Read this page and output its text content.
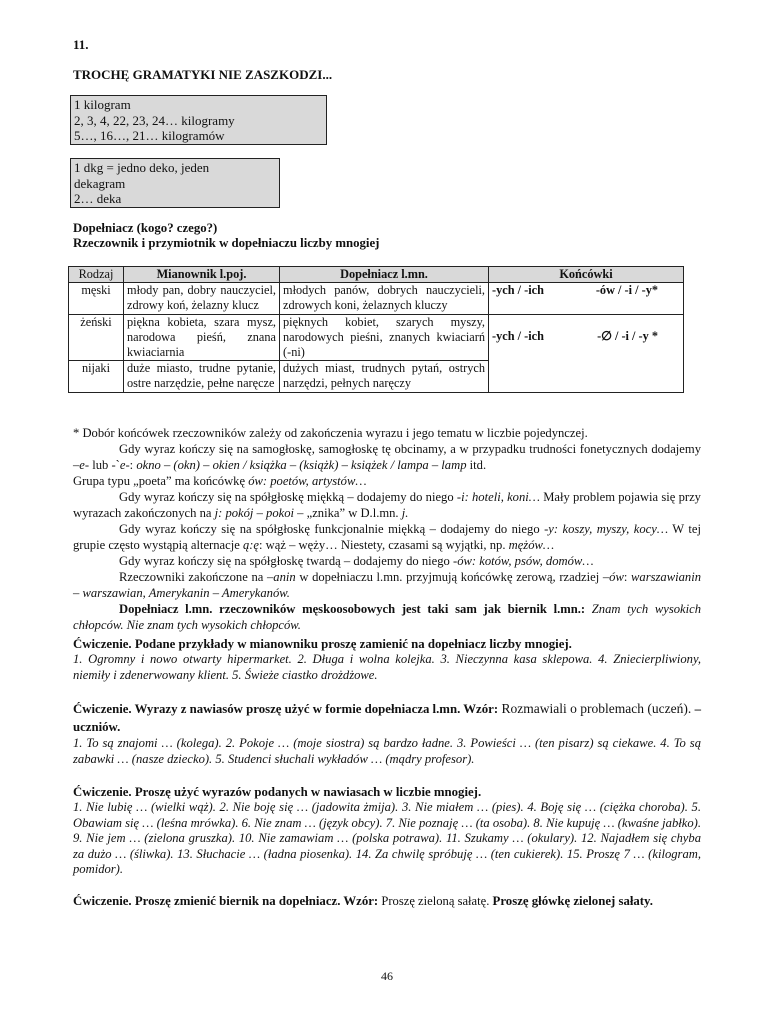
11.
TROCHĘ GRAMATYKI NIE ZASZKODZI...
1 kilogram
2, 3, 4, 22, 23, 24… kilogramy
5…, 16…, 21… kilogramów
1 dkg = jedno deko, jeden
dekagram
2… deka
Dopełniacz (kogo? czego?)
Rzeczownik i przymiotnik w dopełniaczu liczby mnogiej
Rodzaj	Mianownik l.poj.	Dopełniacz l.mn.	Końcówki
męski	młody pan, dobry nauczyciel, zdrowy koń, żelazny klucz	młodych panów, dobrych nauczycieli, zdrowych koni, żelaznych kluczy	-ych / -ich -ów / -i / -y*

żeński	piękna kobieta, szara mysz, narodowa pieśń, znana kwiaciarnia	pięknych kobiet, szarych myszy, narodowych pieśni, znanych kwiaciarń (-ni)	-ych / -ich -∅ / -i / -y *

nijaki	duże miasto, trudne pytanie, ostre narzędzie, pełne naręcze	dużych miast, trudnych pytań, ostrych narzędzi, pełnych naręczy	
* Dobór końcówek rzeczowników zależy od zakończenia wyrazu i jego tematu w liczbie pojedynczej.
Gdy wyraz kończy się na samogłoskę, samogłoskę tę obcinamy, a w przypadku trudności fonetycznych dodajemy –e- lub -`e-: okno – (okn) – okien / książka – (książk) – książek / lampa – lamp itd.
Grupa typu „poeta” ma końcówkę ów: poetów, artystów…
Gdy wyraz kończy się na spółgłoskę miękką – dodajemy do niego -i: hoteli, koni… Mały problem pojawia się przy wyrazach zakończonych na j: pokój – pokoi – „znika” w D.l.mn. j.
Gdy wyraz kończy się na spółgłoskę funkcjonalnie miękką – dodajemy do niego -y: koszy, myszy, kocy… W tej grupie często wystąpią alternacje ą:ę: wąż – węży… Niestety, czasami są wyjątki, np. mężów…
Gdy wyraz kończy się na spółgłoskę twardą – dodajemy do niego -ów: kotów, psów, domów…
Rzeczowniki zakończone na –anin w dopełniaczu l.mn. przyjmują końcówkę zerową, rzadziej –ów: warszawianin – warszawian, Amerykanin – Amerykanów.
Dopełniacz l.mn. rzeczowników męskoosobowych jest taki sam jak biernik l.mn.: Znam tych wysokich chłopców. Nie znam tych wysokich chłopców.
Ćwiczenie. Podane przykłady w mianowniku proszę zamienić na dopełniacz liczby mnogiej.
1. Ogromny i nowo otwarty hipermarket. 2. Długa i wolna kolejka. 3. Nieczynna kasa sklepowa. 4. Zniecierpliwiony, niemiły i zdenerwowany klient. 5. Świeże ciastko drożdżowe.
Ćwiczenie. Wyrazy z nawiasów proszę użyć w formie dopełniacza l.mn. Wzór: Rozmawiali o problemach (uczeń). – uczniów.
1. To są znajomi … (kolega). 2. Pokoje … (moje siostra) są bardzo ładne. 3. Powieści … (ten pisarz) są ciekawe. 4. To są zabawki … (nasze dziecko). 5. Studenci słuchali wykładów … (mądry profesor).
Ćwiczenie. Proszę użyć wyrazów podanych w nawiasach w liczbie mnogiej.
1. Nie lubię … (wielki wąż). 2. Nie boję się … (jadowita żmija). 3. Nie miałem … (pies). 4. Boję się … (ciężka choroba). 5. Obawiam się … (leśna mrówka). 6. Nie znam … (język obcy). 7. Nie poznaję … (ta osoba). 8. Nie kupuję … (kwaśne jabłko). 9. Nie jem … (zielona gruszka). 10. Nie zamawiam … (polska potrawa). 11. Szukamy … (okulary). 12. Najadłem się chyba za dużo … (śliwka). 13. Słuchacie … (ładna piosenka). 14. Za chwilę spróbuję … (ten cukierek). 15. Proszę 7 … (kilogram, pomidor).
Ćwiczenie. Proszę zmienić biernik na dopełniacz. Wzór: Proszę zieloną sałatę. Proszę główkę zielonej sałaty.
46
